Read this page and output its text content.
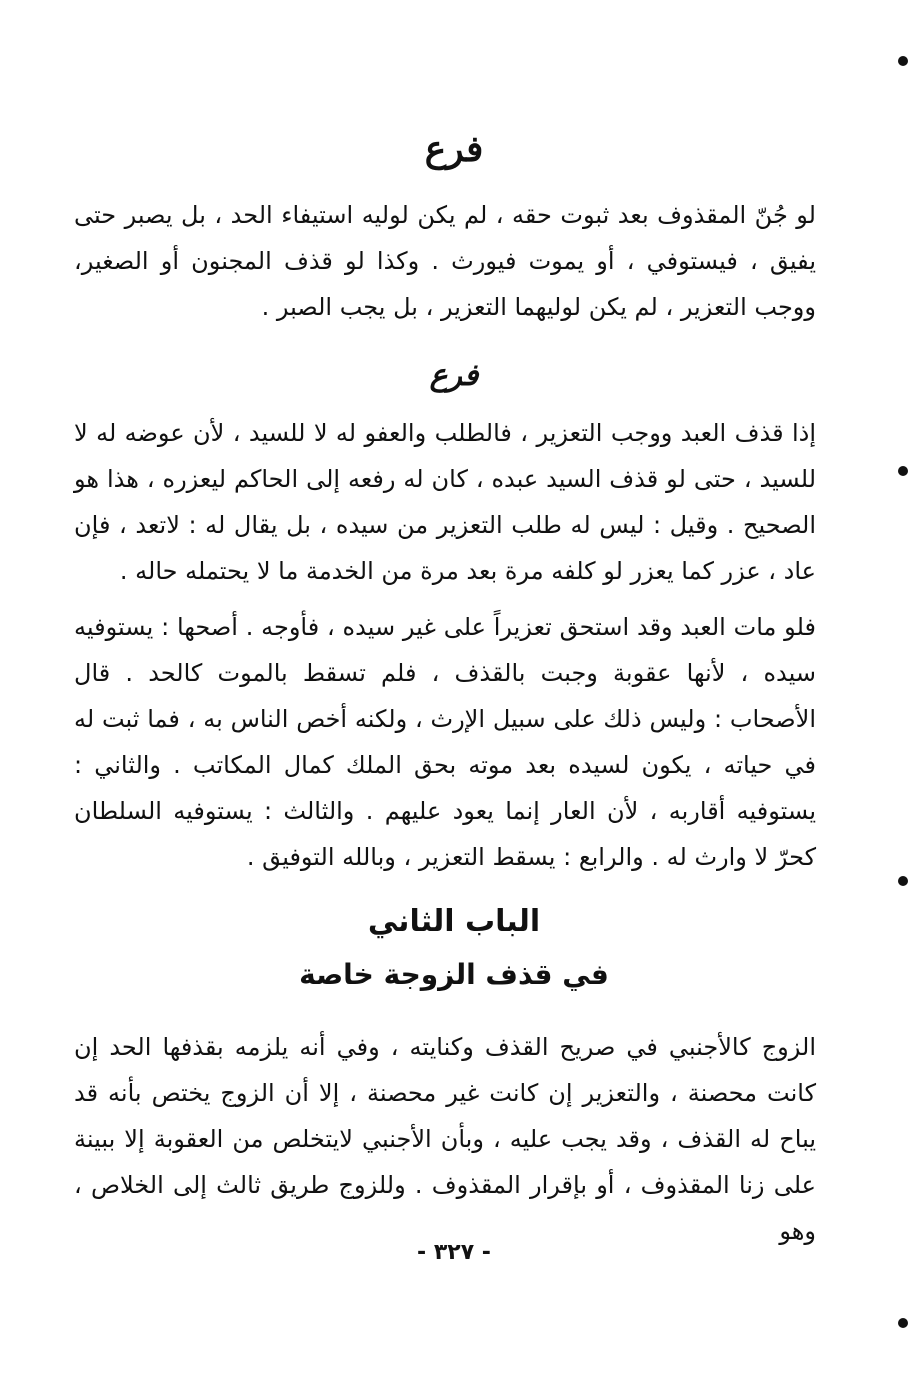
فرع

لو جُنّ المقذوف بعد ثبوت حقه ، لم يكن لوليه استيفاء الحد ، بل يصبر حتى يفيق ، فيستوفي ، أو يموت فيورث . وكذا لو قذف المجنون أو الصغير، ووجب التعزير ، لم يكن لوليهما التعزير ، بل يجب الصبر .

فرع

إذا قذف العبد ووجب التعزير ، فالطلب والعفو له لا للسيد ، لأن عوضه له لا للسيد ، حتى لو قذف السيد عبده ، كان له رفعه إلى الحاكم ليعزره ، هذا هو الصحيح . وقيل : ليس له طلب التعزير من سيده ، بل يقال له : لاتعد ، فإن عاد ، عزر كما يعزر لو كلفه مرة بعد مرة من الخدمة ما لا يحتمله حاله .

فلو مات العبد وقد استحق تعزيراً على غير سيده ، فأوجه . أصحها : يستوفيه سيده ، لأنها عقوبة وجبت بالقذف ، فلم تسقط بالموت كالحد . قال الأصحاب : وليس ذلك على سبيل الإرث ، ولكنه أخص الناس به ، فما ثبت له في حياته ، يكون لسيده بعد موته بحق الملك كمال المكاتب . والثاني : يستوفيه أقاربه ، لأن العار إنما يعود عليهم . والثالث : يستوفيه السلطان كحرّ لا وارث له . والرابع : يسقط التعزير ، وبالله التوفيق .

الباب الثاني
في قذف الزوجة خاصة

الزوج كالأجنبي في صريح القذف وكنايته ، وفي أنه يلزمه بقذفها الحد إن كانت محصنة ، والتعزير إن كانت غير محصنة ، إلا أن الزوج يختص بأنه قد يباح له القذف ، وقد يجب عليه ، وبأن الأجنبي لايتخلص من العقوبة إلا ببينة على زنا المقذوف ، أو بإقرار المقذوف . وللزوج طريق ثالث إلى الخلاص ، وهو

- ٣٢٧ -
